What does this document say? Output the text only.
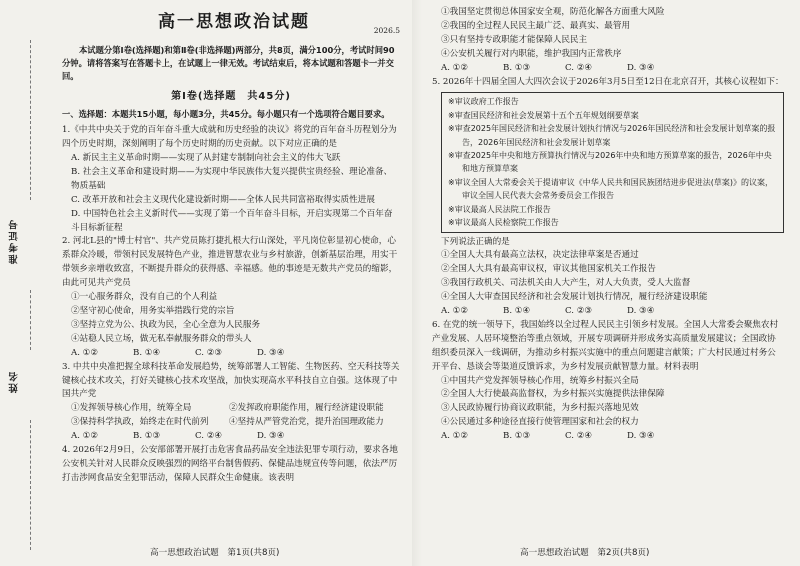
准考证号
姓名
高一思想政治试题	2026.5

本试题分第Ⅰ卷(选择题)和第Ⅱ卷(非选择题)两部分，共8页，满分100分，考试时间90分钟。请将答案写在答题卡上，在试题上一律无效。考试结束后，将本试题和答题卡一并交回。

第Ⅰ卷(选择题　共45分)

一、选择题：本题共15小题，每小题3分，共45分。每小题只有一个选项符合题目要求。

1.《中共中央关于党的百年奋斗重大成就和历史经验的决议》将党的百年奋斗历程划分为四个历史时期，深刻阐明了每个历史时期的历史贡献。以下对应正确的是

A. 新民主主义革命时期——实现了从封建专制制向社会主义的伟大飞跃

B. 社会主义革命和建设时期——为实现中华民族伟大复兴提供宝贵经验、理论准备、物质基础

C. 改革开放和社会主义现代化建设新时期——全体人民共同富裕取得实质性进展

D. 中国特色社会主义新时代——实现了第一个百年奋斗目标，开启实现第二个百年奋斗目标新征程

2. 河北L县的"博士村官"、共产党员陈打捷扎根大行山深处，平凡岗位彰显初心使命，心系群众冷暖，带领村民发展特色产业，推进智慧农业与乡村旅游，创新基层治理，用实干带领乡亲增收致富，不断提升群众的获得感、幸福感。他的事迹是无数共产党员的缩影，由此可见共产党员

①一心服务群众，没有自己的个人利益

②坚守初心使命，用务实举措践行党的宗旨

③坚持立党为公、执政为民，全心全意为人民服务

④站稳人民立场，做无私奉献服务群众的带头人

A. ①②	B. ①④	C. ②③	D. ③④

3. 中共中央准把握全球科技革命发展趋势，统筹部署人工智能、生物医药、空天科技等关键核心技术攻关，打好关键核心技术攻坚战，加快实现高水平科技自立自强。这体现了中国共产党

①发挥领导核心作用，统筹全局	②发挥政府职能作用，履行经济建设职能
③保持科学执政，始终走在时代前列	④坚持从严管党治党，提升治国理政能力
A. ①②	B. ①③	C. ②④	D. ③④

4. 2026年2月9日，公安部部署开展打击危害食品药品安全违法犯罪专项行动，要求各地公安机关针对人民群众反映强烈的网络平台制售假药、保健品违规宣传等问题，依法严厉打击涉网食品安全犯罪活动，保障人民群众生命健康。该表明

高一思想政治试题　第1页(共8页)

①我国坚定贯彻总体国家安全观，防范化解各方面重大风险

②我国的全过程人民民主最广泛、最真实、最管用

③只有坚持专政职能才能保障人民民主

④公安机关履行对内职能，维护我国内正常秩序

A. ①②	B. ①③	C. ②④	D. ③④

5. 2026年十四届全国人大四次会议于2026年3月5日至12日在北京召开，其核心议程如下：

※审议政府工作报告

※审查国民经济和社会发展第十五个五年规划纲要草案

※审查2025年国民经济和社会发展计划执行情况与2026年国民经济和社会发展计划草案的报告，2026年国民经济和社会发展计划草案

※审查2025年中央和地方预算执行情况与2026年中央和地方预算草案的报告，2026年中央和地方预算草案

※审议全国人大常委会关于提请审议《中华人民共和国民族团结进步促进法(草案)》的议案，审议全国人民代表大会常务委员会工作报告

※审议最高人民法院工作报告

※审议最高人民检察院工作报告

下列说法正确的是

①全国人大具有最高立法权，决定法律草案是否通过

②全国人大具有最高审议权，审议其他国家机关工作报告

③我国行政机关、司法机关由人大产生，对人大负责，受人大监督

④全国人大审查国民经济和社会发展计划执行情况，履行经济建设职能

A. ①②	B. ①④	C. ②③	D. ③④

6. 在党的统一领导下，我国始终以全过程人民民主引领乡村发展。全国人大常委会聚焦农村产业发展、人居环境整治等重点领域，开展专项调研并形成务实高质量发展建议；全国政协组织委员深入一线调研，为推动乡村振兴实施中的重点问题建言献策；广大村民通过村务公开平台、恳谈会等渠道反馈诉求，为乡村发展贡献智慧力量。材料表明

①中国共产党发挥领导核心作用，统筹乡村振兴全局

②全国人大行使最高监督权，为乡村振兴实施提供法律保障

③人民政协履行协商议政职能，为乡村振兴落地见效

④公民通过多种途径直接行使管理国家和社会的权力

A. ①②	B. ①③	C. ②④	D. ③④
高一思想政治试题　第2页(共8页)
